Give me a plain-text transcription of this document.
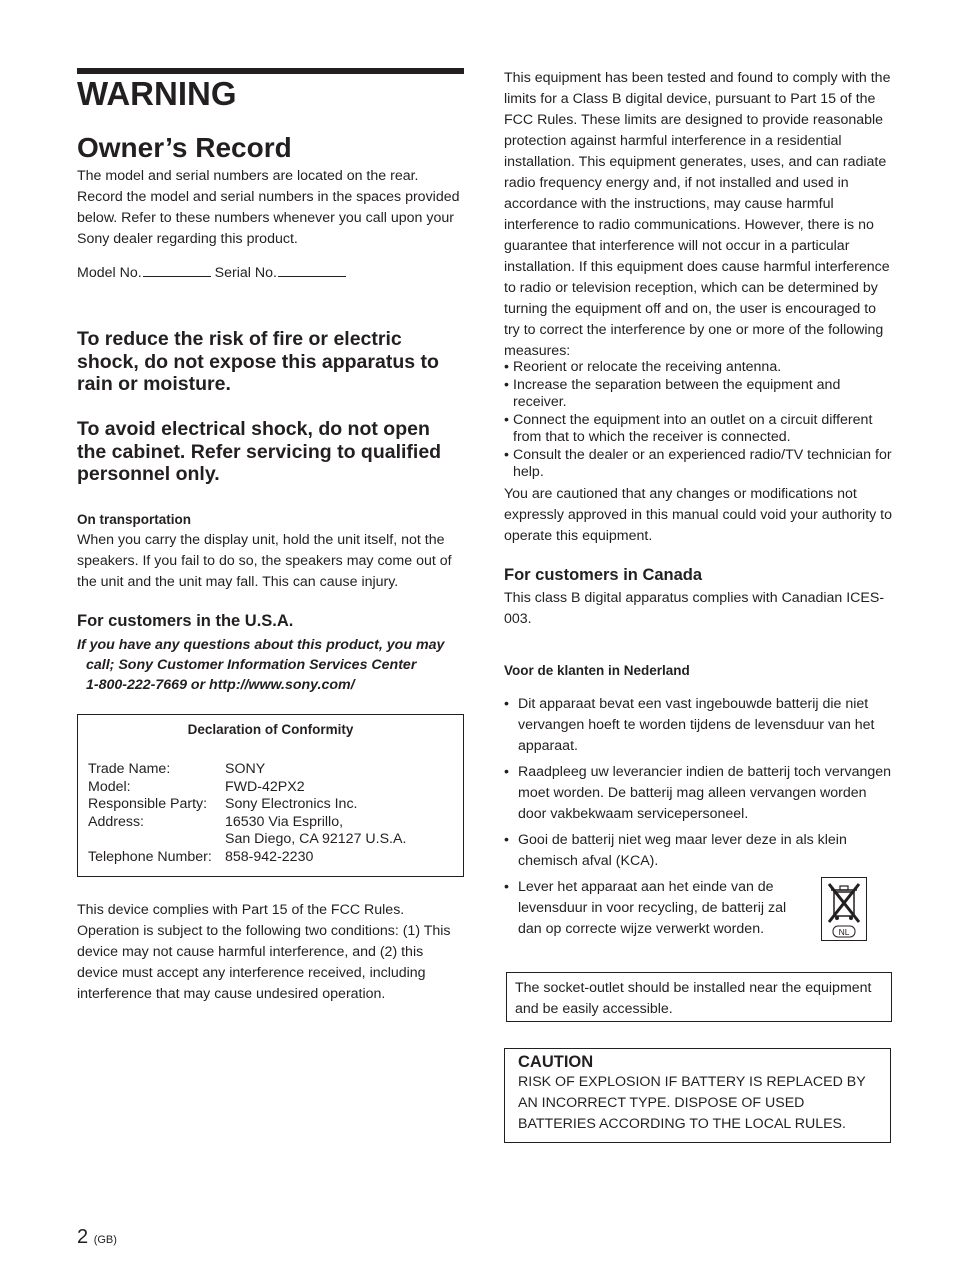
WARNING
Owner’s Record

The model and serial numbers are located on the rear. Record the model and serial numbers in the spaces provided below. Refer to these numbers whenever you call upon your Sony dealer regarding this product.

Model No.	Serial No.

To reduce the risk of fire or electric shock, do not expose this apparatus to rain or moisture.

To avoid electrical shock, do not open the cabinet. Refer servicing to qualified personnel only.

On transportation

When you carry the display unit, hold the unit itself, not the speakers. If you fail to do so, the speakers may come out of the unit and the unit may fall. This can cause injury.

For customers in the U.S.A.

If you have any questions about this product, you may
call; Sony Customer Information Services Center
1-800-222-7669 or http://www.sony.com/
Declaration of Conformity
Trade Name:	SONY
Model:	FWD-42PX2
Responsible Party:	Sony Electronics Inc.
Address:	16530 Via Esprillo,
	San Diego, CA 92127 U.S.A.
Telephone Number:	858-942-2230

This device complies with Part 15 of the FCC Rules. Operation is subject to the following two conditions: (1) This device may not cause harmful interference, and (2) this device must accept any interference received, including interference that may cause undesired operation.

This equipment has been tested and found to comply with the limits for a Class B digital device, pursuant to Part 15 of the FCC Rules. These limits are designed to provide reasonable protection against harmful interference in a residential installation. This equipment generates, uses, and can radiate radio frequency energy and, if not installed and used in accordance with the instructions, may cause harmful interference to radio communications. However, there is no guarantee that interference will not occur in a particular installation. If this equipment does cause harmful interference to radio or television reception, which can be determined by turning the equipment off and on, the user is encouraged to try to correct the interference by one or more of the following measures:

• Reorient or relocate the receiving antenna.
• Increase the separation between the equipment and receiver.
• Connect the equipment into an outlet on a circuit different from that to which the receiver is connected.
• Consult the dealer or an experienced radio/TV technician for help.

You are cautioned that any changes or modifications not expressly approved in this manual could void your authority to operate this equipment.

For customers in Canada

This class B digital apparatus complies with Canadian ICES-003.

Voor de klanten in Nederland

• Dit apparaat bevat een vast ingebouwde batterij die niet vervangen hoeft te worden tijdens de levensduur van het apparaat.
• Raadpleeg uw leverancier indien de batterij toch vervangen moet worden. De batterij mag alleen vervangen worden door vakbekwaam servicepersoneel.
• Gooi de batterij niet weg maar lever deze in als klein chemisch afval (KCA).
• Lever het apparaat aan het einde van de levensduur in voor recycling, de batterij zal dan op correcte wijze verwerkt worden.	NL

The socket-outlet should be installed near the equipment and be easily accessible.

CAUTION

RISK OF EXPLOSION IF BATTERY IS REPLACED BY AN INCORRECT TYPE. DISPOSE OF USED BATTERIES ACCORDING TO THE LOCAL RULES.

2 (GB)
